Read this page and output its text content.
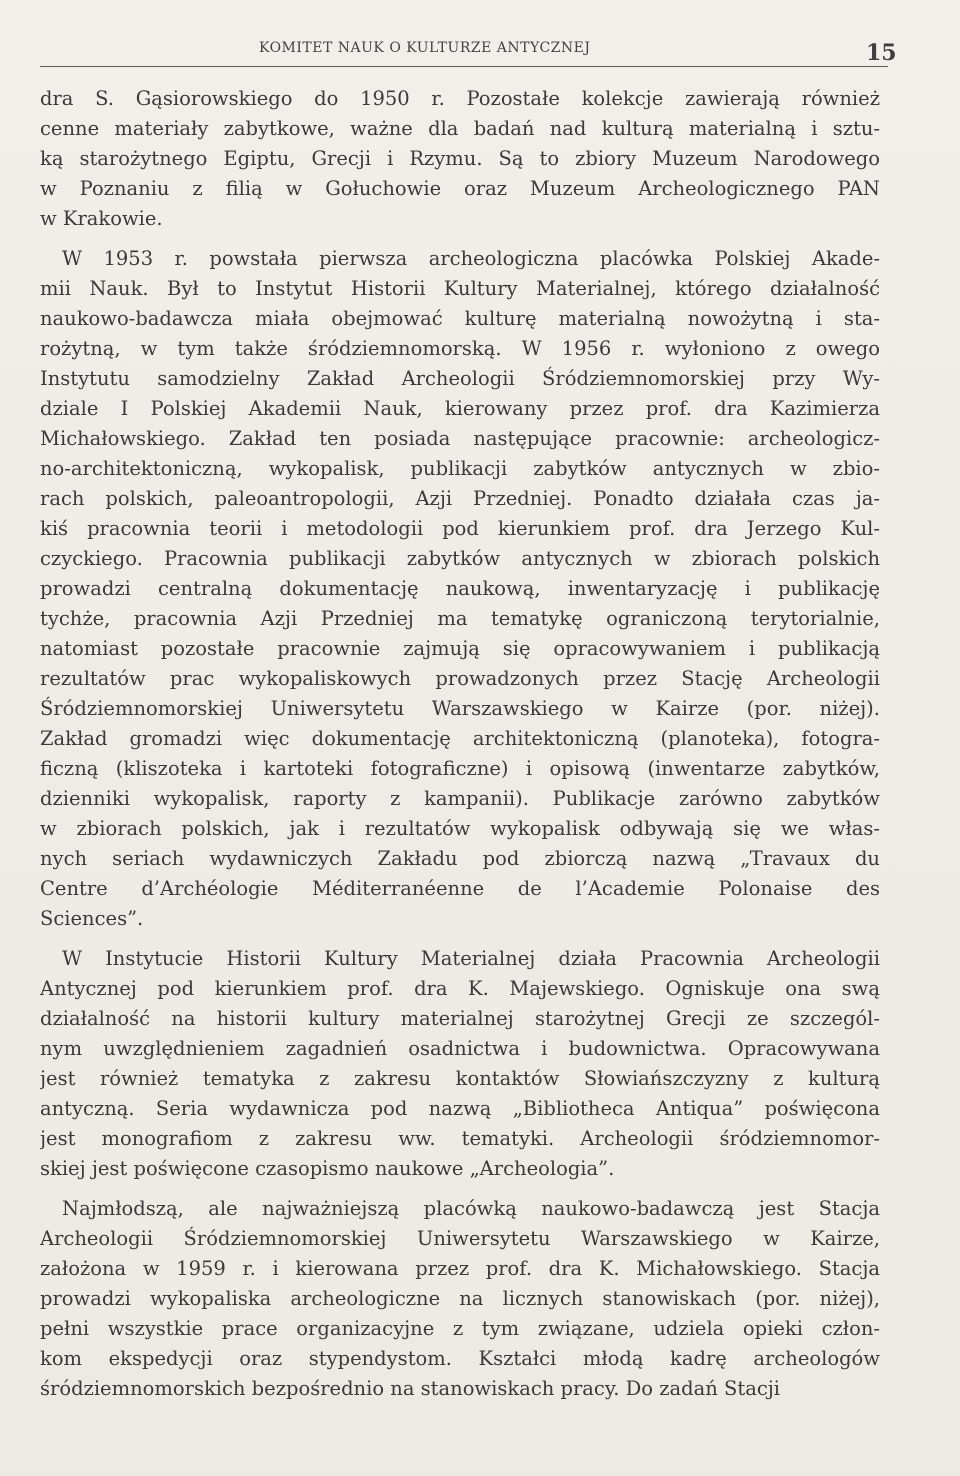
KOMITET NAUK O KULTURZE ANTYCZNEJ	15
dra S. Gąsiorowskiego do 1950 r. Pozostałe kolekcje zawierają również
cenne materiały zabytkowe, ważne dla badań nad kulturą materialną i sztu-
ką starożytnego Egiptu, Grecji i Rzymu. Są to zbiory Muzeum Narodowego
w Poznaniu z filią w Gołuchowie oraz Muzeum Archeologicznego PAN
w Krakowie.
W 1953 r. powstała pierwsza archeologiczna placówka Polskiej Akade-
mii Nauk. Był to Instytut Historii Kultury Materialnej, którego działalność
naukowo-badawcza miała obejmować kulturę materialną nowożytną i sta-
rożytną, w tym także śródziemnomorską. W 1956 r. wyłoniono z owego
Instytutu samodzielny Zakład Archeologii Śródziemnomorskiej przy Wy-
dziale I Polskiej Akademii Nauk, kierowany przez prof. dra Kazimierza
Michałowskiego. Zakład ten posiada następujące pracownie: archeologicz-
no-architektoniczną, wykopalisk, publikacji zabytków antycznych w zbio-
rach polskich, paleoantropologii, Azji Przedniej. Ponadto działała czas ja-
kiś pracownia teorii i metodologii pod kierunkiem prof. dra Jerzego Kul-
czyckiego. Pracownia publikacji zabytków antycznych w zbiorach polskich
prowadzi centralną dokumentację naukową, inwentaryzację i publikację
tychże, pracownia Azji Przedniej ma tematykę ograniczoną terytorialnie,
natomiast pozostałe pracownie zajmują się opracowywaniem i publikacją
rezultatów prac wykopaliskowych prowadzonych przez Stację Archeologii
Śródziemnomorskiej Uniwersytetu Warszawskiego w Kairze (por. niżej).
Zakład gromadzi więc dokumentację architektoniczną (planoteka), fotogra-
ficzną (kliszoteka i kartoteki fotograficzne) i opisową (inwentarze zabytków,
dzienniki wykopalisk, raporty z kampanii). Publikacje zarówno zabytków
w zbiorach polskich, jak i rezultatów wykopalisk odbywają się we włas-
nych seriach wydawniczych Zakładu pod zbiorczą nazwą „Travaux du
Centre d’Archéologie Méditerranéenne de l’Academie Polonaise des
Sciences”.
W Instytucie Historii Kultury Materialnej działa Pracownia Archeologii
Antycznej pod kierunkiem prof. dra K. Majewskiego. Ogniskuje ona swą
działalność na historii kultury materialnej starożytnej Grecji ze szczegól-
nym uwzględnieniem zagadnień osadnictwa i budownictwa. Opracowywana
jest również tematyka z zakresu kontaktów Słowiańszczyzny z kulturą
antyczną. Seria wydawnicza pod nazwą „Bibliotheca Antiqua” poświęcona
jest monografiom z zakresu ww. tematyki. Archeologii śródziemnomor-
skiej jest poświęcone czasopismo naukowe „Archeologia”.
Najmłodszą, ale najważniejszą placówką naukowo-badawczą jest Stacja
Archeologii Śródziemnomorskiej Uniwersytetu Warszawskiego w Kairze,
założona w 1959 r. i kierowana przez prof. dra K. Michałowskiego. Stacja
prowadzi wykopaliska archeologiczne na licznych stanowiskach (por. niżej),
pełni wszystkie prace organizacyjne z tym związane, udziela opieki człon-
kom ekspedycji oraz stypendystom. Kształci młodą kadrę archeologów
śródziemnomorskich bezpośrednio na stanowiskach pracy. Do zadań Stacji
